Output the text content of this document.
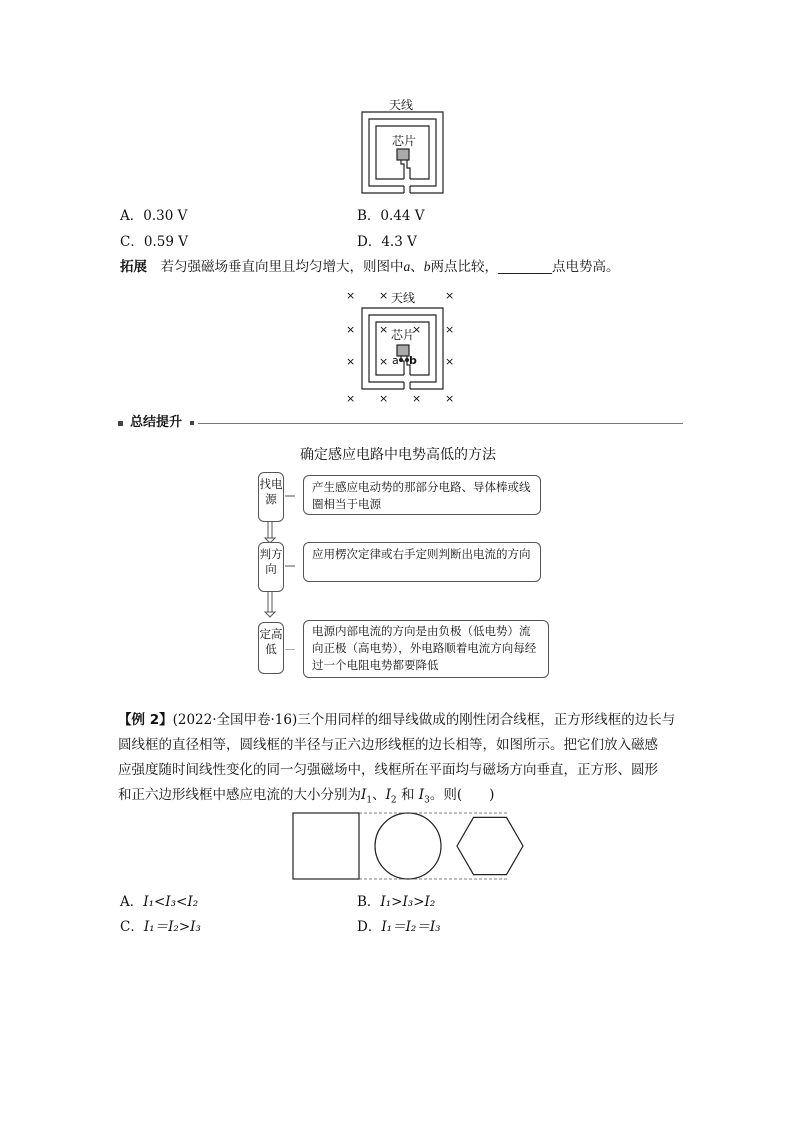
天线
芯片
A．0.30 V	B．0.44 V
C．0.59 V	D．4.3 V
拓展　 若匀强磁场垂直向里且均匀增大，则图中a、b两点比较，________点电势高。
天线
芯片
a b
× ×	×
× × × ×
× ×	×
× × × ×
总结提升
确定感应电路中电势高低的方法
找电源
产生感应电动势的那部分电路、导体棒或线圈相当于电源
判方向
应用楞次定律或右手定则判断出电流的方向
定高低
电源内部电流的方向是由负极（低电势）流向正极（高电势），外电路顺着电流方向每经过一个电阻电势都要降低
【例 2】(2022·全国甲卷·16)三个用同样的细导线做成的刚性闭合线框，正方形线框的边长与
圆线框的直径相等，圆线框的半径与正六边形线框的边长相等，如图所示。把它们放入磁感
应强度随时间线性变化的同一匀强磁场中，线框所在平面均与磁场方向垂直，正方形、圆形
和正六边形线框中感应电流的大小分别为$I_1$、$I_2$ 和 $I_3$。则(　　)
A．I₁<I₃<I₂	B．I₁>I₃>I₂
C．I₁＝I₂>I₃	D．I₁＝I₂＝I₃
